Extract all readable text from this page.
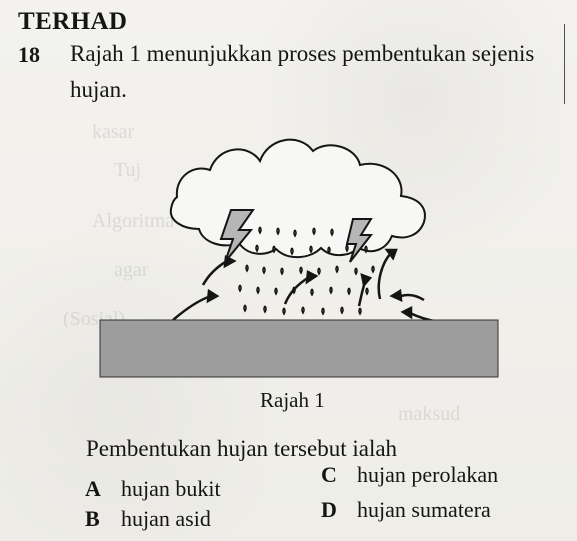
kasar
Tuj
Algoritma
agar
(Sosial)
maksud
TERHAD
18 Rajah 1 menunjukkan proses pembentukan sejenis hujan.
Rajah 1
Pembentukan hujan tersebut ialah
A hujan bukit
B hujan asid
C hujan perolakan
D hujan sumatera
